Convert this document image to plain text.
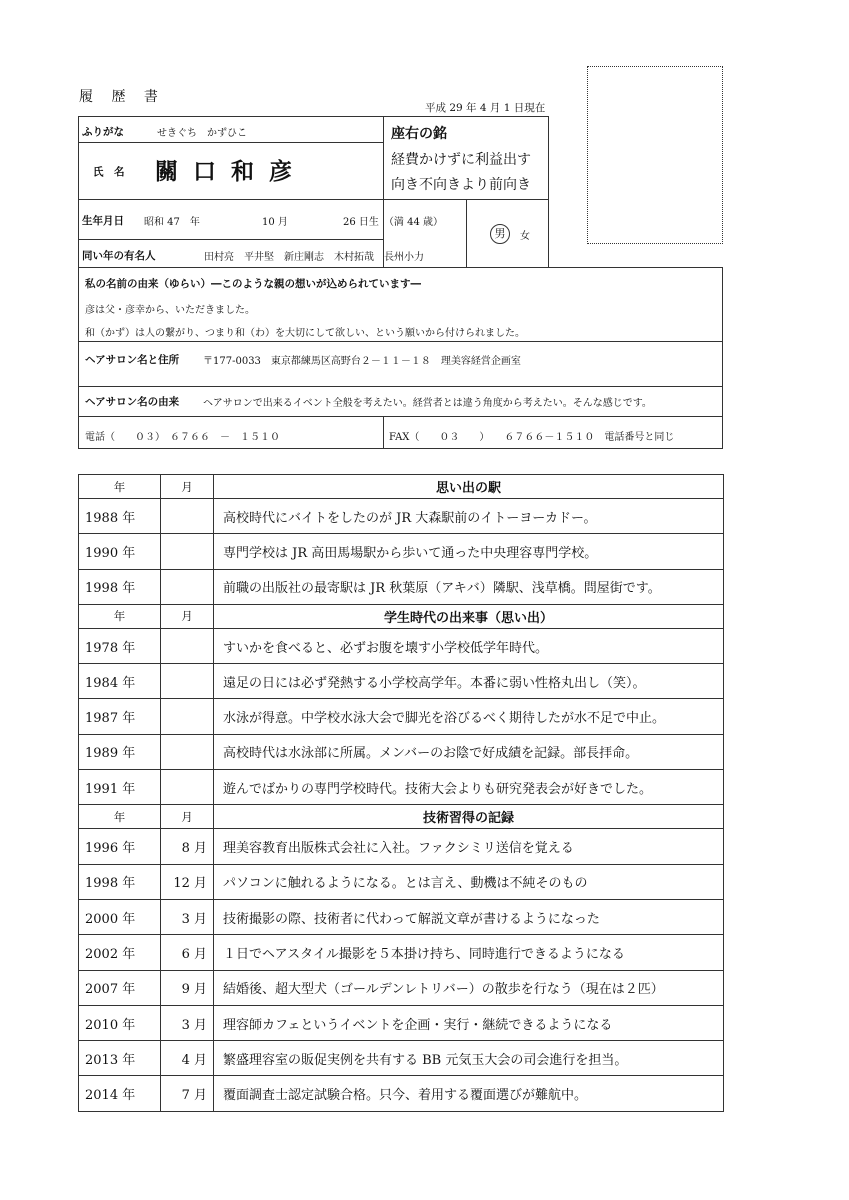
履 歴 書
平成 29 年 4 月 1 日現在
ふりがな	せきぐち　かずひこ
氏　名 關口和彦
生年月日 昭和 47　年	10 月	26 日生　（満 44 歳）
同い年の有名人	田村亮　平井堅　新庄剛志　木村拓哉　長州小力
男	女
座右の銘
経費かけずに利益出す
向き不向きより前向き
私の名前の由来（ゆらい）―このような親の想いが込められています―
彦は父・彦幸から、いただきました。
和（かず）は人の繋がり、つまり和（わ）を大切にして欲しい、という願いから付けられました。
ヘアサロン名と住所 〒177-0033　東京都練馬区高野台２－１１－１８　理美容経営企画室
ヘアサロン名の由来 ヘアサロンで出来るイベント全般を考えたい。経営者とは違う角度から考えたい。そんな感じです。
電話（　　０３）　６７６６　－　１５１０	FAX（　　０３　　）　　６７６６－１５１０　電話番号と同じ
年	月	思い出の駅
1988 年		高校時代にバイトをしたのが JR 大森駅前のイトーヨーカドー。
1990 年		専門学校は JR 高田馬場駅から歩いて通った中央理容専門学校。
1998 年		前職の出版社の最寄駅は JR 秋葉原（アキバ）隣駅、浅草橋。問屋街です。
年	月	学生時代の出来事（思い出）
1978 年		すいかを食べると、必ずお腹を壊す小学校低学年時代。
1984 年		遠足の日には必ず発熱する小学校高学年。本番に弱い性格丸出し（笑）。
1987 年		水泳が得意。中学校水泳大会で脚光を浴びるべく期待したが水不足で中止。
1989 年		高校時代は水泳部に所属。メンバーのお陰で好成績を記録。部長拝命。
1991 年		遊んでばかりの専門学校時代。技術大会よりも研究発表会が好きでした。
年	月	技術習得の記録
1996 年	8 月	理美容教育出版株式会社に入社。ファクシミリ送信を覚える
1998 年	12 月	パソコンに触れるようになる。とは言え、動機は不純そのもの
2000 年	3 月	技術撮影の際、技術者に代わって解説文章が書けるようになった
2002 年	6 月	１日でヘアスタイル撮影を５本掛け持ち、同時進行できるようになる
2007 年	9 月	結婚後、超大型犬（ゴールデンレトリバー）の散歩を行なう（現在は２匹）
2010 年	3 月	理容師カフェというイベントを企画・実行・継続できるようになる
2013 年	4 月	繁盛理容室の販促実例を共有する BB 元気玉大会の司会進行を担当。
2014 年	7 月	覆面調査士認定試験合格。只今、着用する覆面選びが難航中。
